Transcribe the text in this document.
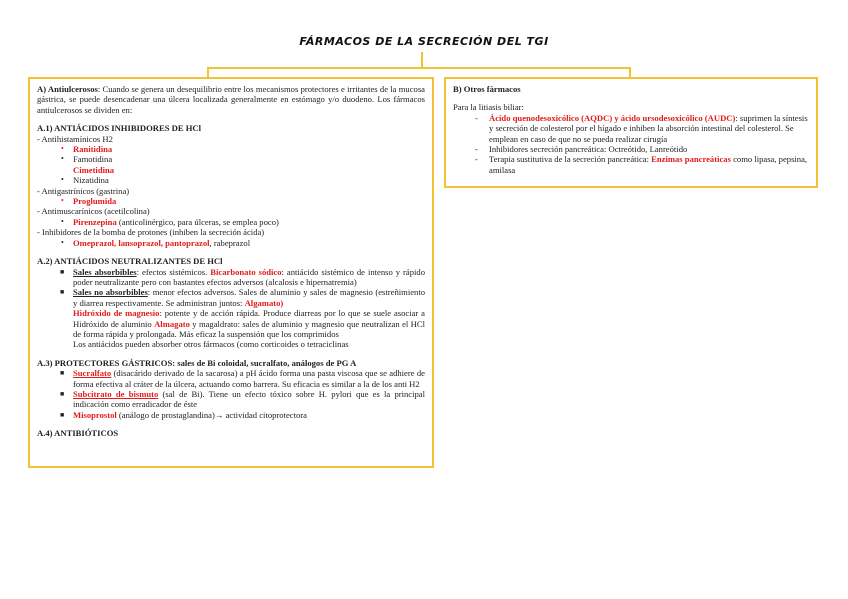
FÁRMACOS DE LA SECRECIÓN DEL TGI

A) Antiulcerosos: Cuando se genera un desequilibrio entre los mecanismos protectores e irritantes de la mucosa gástrica, se puede desencadenar una úlcera localizada generalmente en estómago y/o duodeno. Los fármacos antiulcerosos se dividen en:

A.1) ANTIÁCIDOS INHIBIDORES DE HCl

- Antihistamínicos H2

• Ranitidina
• Famotidina
Cimetidina
• Nizatidina

- Antigastrínicos (gastrina)

• Proglumida

- Antimuscarínicos (acetilcolina)

• Pirenzepina (anticolinérgico, para úlceras, se emplea poco)

- Inhibidores de la bomba de protones (inhiben la secreción ácida)

• Omeprazol, lansoprazol, pantoprazol, rabeprazol

A.2) ANTIÁCIDOS NEUTRALIZANTES DE HCl

■ Sales absorbibles: efectos sistémicos. Bicarbonato sódico: antiácido sistémico de intenso y rápido poder neutralizante pero con bastantes efectos adversos (alcalosis e hipernatremia)
■ Sales no absorbibles: menor efectos adversos. Sales de aluminio y sales de magnesio (estreñimiento y diarrea respectivamente. Se administran juntos: Algamato)
Hidróxido de magnesio: potente y de acción rápida. Produce diarreas por lo que se suele asociar a Hidróxido de aluminio Almagato y magaldrato: sales de aluminio y magnesio que neutralizan el HCl de forma rápida y prolongada. Más eficaz la suspensión que los comprimidos
Los antiácidos pueden absorber otros fármacos (como corticoides o tetraciclinas

A.3) PROTECTORES GÁSTRICOS: sales de Bi coloidal, sucralfato, análogos de PG A

■ Sucralfato (disacárido derivado de la sacarosa) a pH ácido forma una pasta viscosa que se adhiere de forma efectiva al cráter de la úlcera, actuando como barrera. Su eficacia es similar a la de los anti H2
■ Subcitrato de bismuto (sal de Bi). Tiene un efecto tóxico sobre H. pylori que es la principal indicación como erradicador de éste
■ Misoprostol (análogo de prostaglandina)→ actividad citoprotectora

A.4) ANTIBIÓTICOS

B) Otros fármacos

Para la litiasis biliar:

- Ácido quenodesoxicólico (AQDC) y ácido ursodesoxicólico (AUDC): suprimen la síntesis y secreción de colesterol por el hígado e inhiben la absorción intestinal del colesterol. Se emplean en caso de que no se pueda realizar cirugía
- Inhibidores secreción pancreática: Octreótido, Lanreótido
- Terapia sustitutiva de la secreción pancreática: Enzimas pancreáticas como lipasa, pepsina, amilasa
